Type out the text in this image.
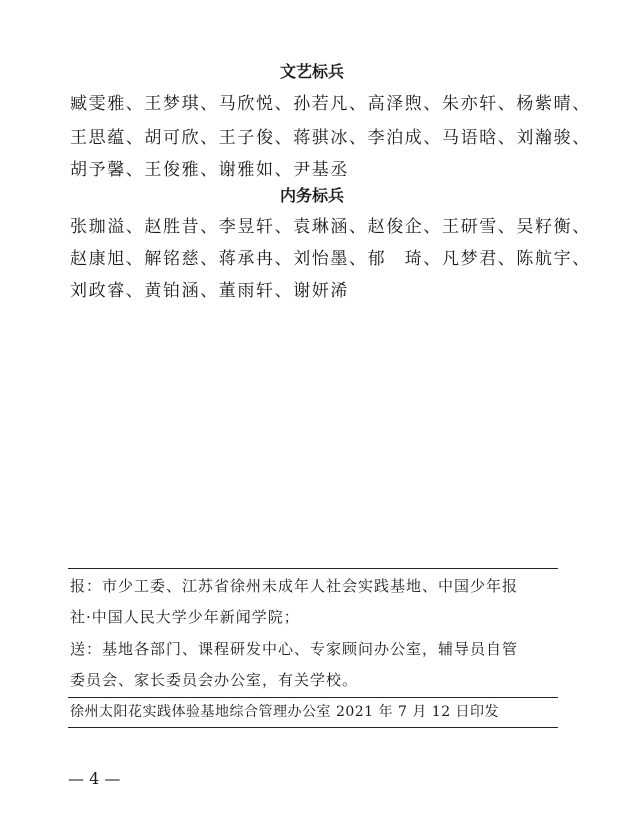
文艺标兵
臧雯雅、王梦琪、马欣悦、孙若凡、高泽煦、朱亦轩、杨紫晴、
王思蕴、胡可欣、王子俊、蒋骐冰、李泊成、马语晗、刘瀚骏、
胡予馨、王俊雅、谢雅如、尹基丞
内务标兵
张珈溢、赵胜昔、李昱轩、袁琳涵、赵俊企、王研雪、吴籽衡、
赵康旭、解铭慈、蒋承冉、刘怡墨、郁　琦、凡梦君、陈航宇、
刘政睿、黄铂涵、董雨轩、谢妍浠
报：市少工委、江苏省徐州未成年人社会实践基地、中国少年报
社·中国人民大学少年新闻学院；
送：基地各部门、课程研发中心、专家顾问办公室，辅导员自管
委员会、家长委员会办公室，有关学校。
徐州太阳花实践体验基地综合管理办公室 2021 年 7 月 12 日印发
— 4 —
